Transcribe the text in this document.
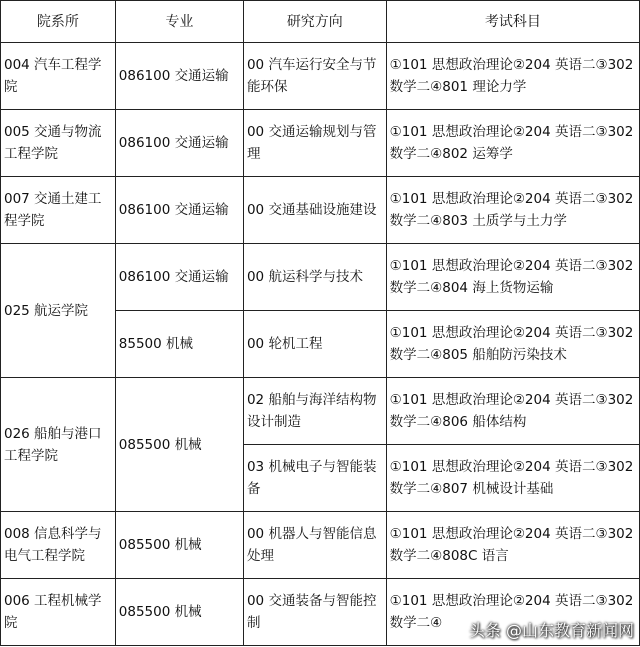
院系所	专业	研究方向	考试科目
004 汽车工程学院	086100 交通运输	00 汽车运行安全与节能环保	①101 思想政治理论②204 英语二③302 数学二④801 理论力学
005 交通与物流工程学院	086100 交通运输	00 交通运输规划与管理	①101 思想政治理论②204 英语二③302 数学二④802 运筹学
007 交通土建工程学院	086100 交通运输	00 交通基础设施建设	①101 思想政治理论②204 英语二③302 数学二④803 土质学与土力学
025 航运学院	086100 交通运输	00 航运科学与技术	①101 思想政治理论②204 英语二③302 数学二④804 海上货物运输
	85500 机械	00 轮机工程	①101 思想政治理论②204 英语二③302 数学二④805 船舶防污染技术
026 船舶与港口工程学院	085500 机械	02 船舶与海洋结构物设计制造	①101 思想政治理论②204 英语二③302 数学二④806 船体结构
		03 机械电子与智能装备	①101 思想政治理论②204 英语二③302 数学二④807 机械设计基础
008 信息科学与电气工程学院	085500 机械	00 机器人与智能信息处理	①101 思想政治理论②204 英语二③302 数学二④808C 语言
006 工程机械学院	085500 机械	00 交通装备与智能控制	①101 思想政治理论②204 英语二③302 数学二④ 头条 @山东教育新闻网
